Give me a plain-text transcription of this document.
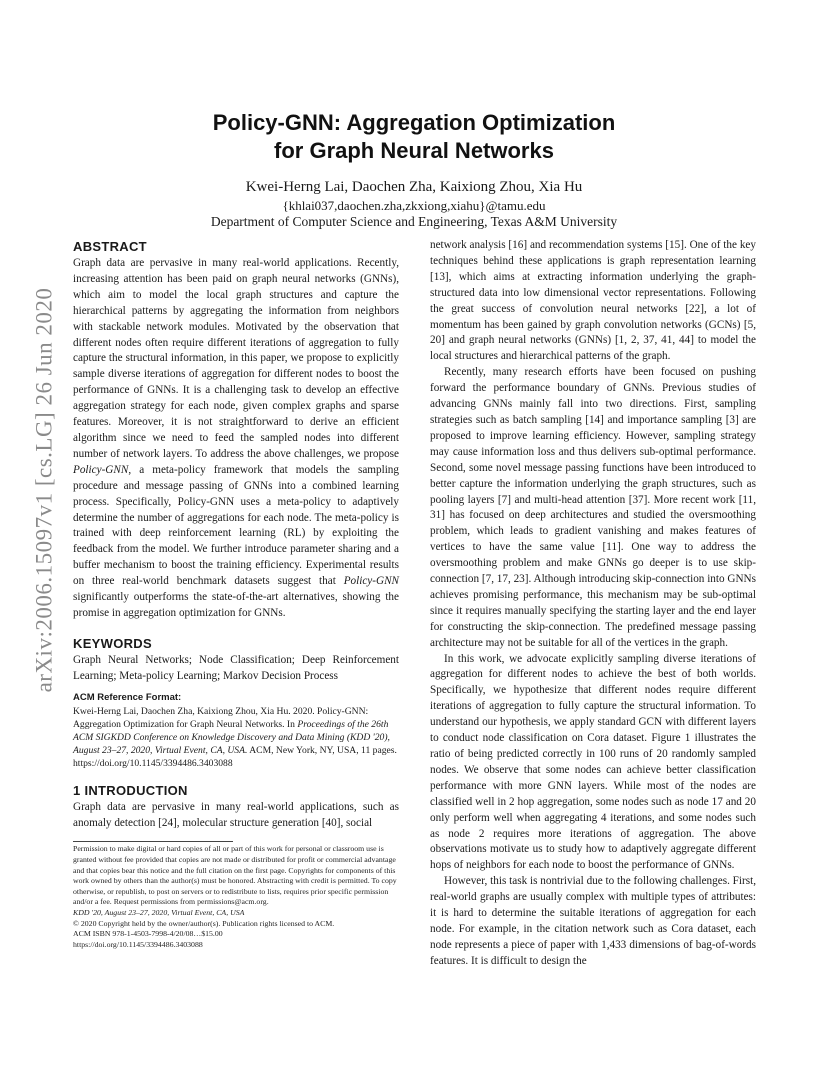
arXiv:2006.15097v1 [cs.LG] 26 Jun 2020
Policy-GNN: Aggregation Optimization
for Graph Neural Networks
Kwei-Herng Lai, Daochen Zha, Kaixiong Zhou, Xia Hu
{khlai037,daochen.zha,zkxiong,xiahu}@tamu.edu
Department of Computer Science and Engineering, Texas A&M University
ABSTRACT

Graph data are pervasive in many real-world applications. Recently, increasing attention has been paid on graph neural networks (GNNs), which aim to model the local graph structures and capture the hierarchical patterns by aggregating the information from neighbors with stackable network modules. Motivated by the observation that different nodes often require different iterations of aggregation to fully capture the structural information, in this paper, we propose to explicitly sample diverse iterations of aggregation for different nodes to boost the performance of GNNs. It is a challenging task to develop an effective aggregation strategy for each node, given complex graphs and sparse features. Moreover, it is not straightforward to derive an efficient algorithm since we need to feed the sampled nodes into different number of network layers. To address the above challenges, we propose Policy-GNN, a meta-policy framework that models the sampling procedure and message passing of GNNs into a combined learning process. Specifically, Policy-GNN uses a meta-policy to adaptively determine the number of aggregations for each node. The meta-policy is trained with deep reinforcement learning (RL) by exploiting the feedback from the model. We further introduce parameter sharing and a buffer mechanism to boost the training efficiency. Experimental results on three real-world benchmark datasets suggest that Policy-GNN significantly outperforms the state-of-the-art alternatives, showing the promise in aggregation optimization for GNNs.

KEYWORDS

Graph Neural Networks; Node Classification; Deep Reinforcement Learning; Meta-policy Learning; Markov Decision Process

ACM Reference Format:
Kwei-Herng Lai, Daochen Zha, Kaixiong Zhou, Xia Hu. 2020. Policy-GNN: Aggregation Optimization for Graph Neural Networks. In Proceedings of the 26th ACM SIGKDD Conference on Knowledge Discovery and Data Mining (KDD '20), August 23–27, 2020, Virtual Event, CA, USA. ACM, New York, NY, USA, 11 pages. https://doi.org/10.1145/3394486.3403088
1 INTRODUCTION

Graph data are pervasive in many real-world applications, such as anomaly detection [24], molecular structure generation [40], social

Permission to make digital or hard copies of all or part of this work for personal or classroom use is granted without fee provided that copies are not made or distributed for profit or commercial advantage and that copies bear this notice and the full citation on the first page. Copyrights for components of this work owned by others than the author(s) must be honored. Abstracting with credit is permitted. To copy otherwise, or republish, to post on servers or to redistribute to lists, requires prior specific permission and/or a fee. Request permissions from permissions@acm.org.

KDD '20, August 23–27, 2020, Virtual Event, CA, USA

© 2020 Copyright held by the owner/author(s). Publication rights licensed to ACM.

ACM ISBN 978-1-4503-7998-4/20/08…$15.00

https://doi.org/10.1145/3394486.3403088

network analysis [16] and recommendation systems [15]. One of the key techniques behind these applications is graph representation learning [13], which aims at extracting information underlying the graph-structured data into low dimensional vector representations. Following the great success of convolution neural networks [22], a lot of momentum has been gained by graph convolution networks (GCNs) [5, 20] and graph neural networks (GNNs) [1, 2, 37, 41, 44] to model the local structures and hierarchical patterns of the graph.

Recently, many research efforts have been focused on pushing forward the performance boundary of GNNs. Previous studies of advancing GNNs mainly fall into two directions. First, sampling strategies such as batch sampling [14] and importance sampling [3] are proposed to improve learning efficiency. However, sampling strategy may cause information loss and thus delivers sub-optimal performance. Second, some novel message passing functions have been introduced to better capture the information underlying the graph structures, such as pooling layers [7] and multi-head attention [37]. More recent work [11, 31] has focused on deep architectures and studied the oversmoothing problem, which leads to gradient vanishing and makes features of vertices to have the same value [11]. One way to address the oversmoothing problem and make GNNs go deeper is to use skip-connection [7, 17, 23]. Although introducing skip-connection into GNNs achieves promising performance, this mechanism may be sub-optimal since it requires manually specifying the starting layer and the end layer for constructing the skip-connection. The predefined message passing architecture may not be suitable for all of the vertices in the graph.

In this work, we advocate explicitly sampling diverse iterations of aggregation for different nodes to achieve the best of both worlds. Specifically, we hypothesize that different nodes require different iterations of aggregation to fully capture the structural information. To understand our hypothesis, we apply standard GCN with different layers to conduct node classification on Cora dataset. Figure 1 illustrates the ratio of being predicted correctly in 100 runs of 20 randomly sampled nodes. We observe that some nodes can achieve better classification performance with more GNN layers. While most of the nodes are classified well in 2 hop aggregation, some nodes such as node 17 and 20 only perform well when aggregating 4 iterations, and some nodes such as node 2 requires more iterations of aggregation. The above observations motivate us to study how to adaptively aggregate different hops of neighbors for each node to boost the performance of GNNs.

However, this task is nontrivial due to the following challenges. First, real-world graphs are usually complex with multiple types of attributes: it is hard to determine the suitable iterations of aggregation for each node. For example, in the citation network such as Cora dataset, each node represents a piece of paper with 1,433 dimensions of bag-of-words features. It is difficult to design the
